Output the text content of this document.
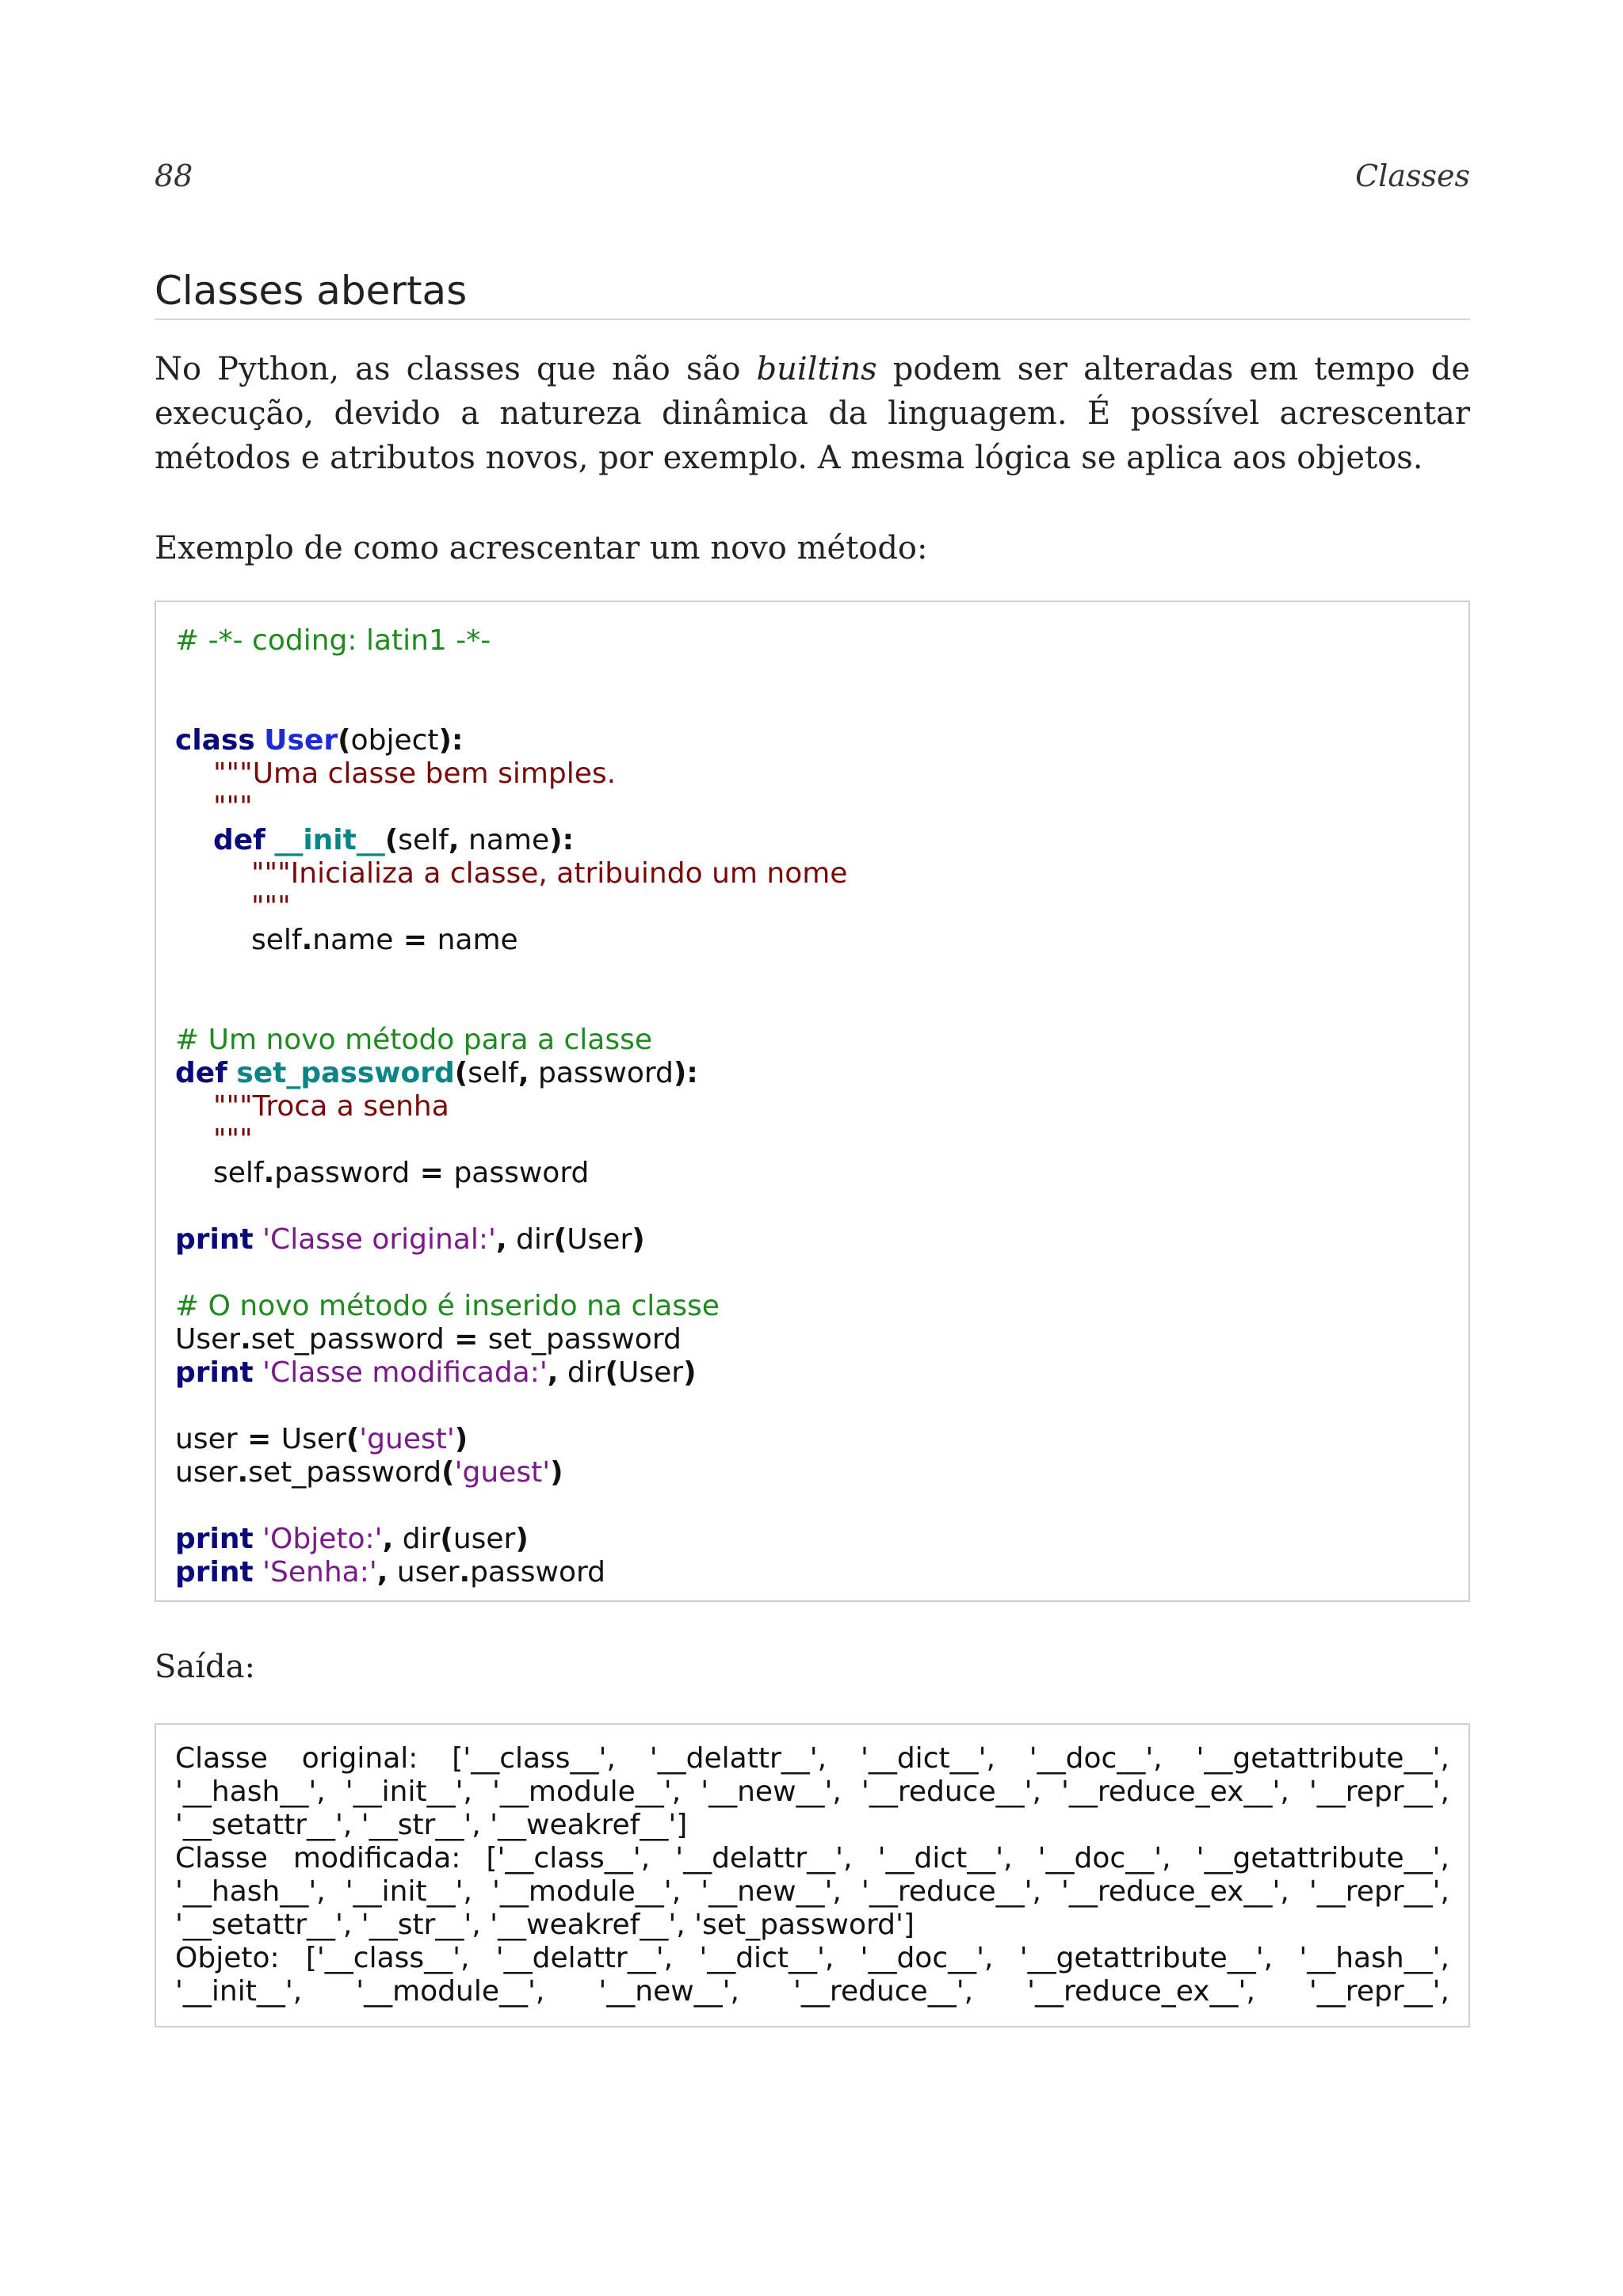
88	Classes
Classes abertas
No Python, as classes que não são builtins podem ser alteradas em tempo de execução, devido a natureza dinâmica da linguagem. É possível acrescentar métodos e atributos novos, por exemplo. A mesma lógica se aplica aos objetos.
Exemplo de como acrescentar um novo método:
# -*- coding: latin1 -*-
class User(object):
"""Uma classe bem simples.
"""
def __init__(self, name):
"""Inicializa a classe, atribuindo um nome
"""
self.name = name
# Um novo método para a classe
def set_password(self, password):
"""Troca a senha
"""
self.password = password
print 'Classe original:', dir(User)
# O novo método é inserido na classe
User.set_password = set_password
print 'Classe modificada:', dir(User)
user = User('guest')
user.set_password('guest')
print 'Objeto:', dir(user)
print 'Senha:', user.password
Saída:
Classe original: ['__class__', '__delattr__', '__dict__', '__doc__', '__getattribute__',
'__hash__', '__init__', '__module__', '__new__', '__reduce__', '__reduce_ex__', '__repr__',
'__setattr__', '__str__', '__weakref__']
Classe modificada: ['__class__', '__delattr__', '__dict__', '__doc__', '__getattribute__',
'__hash__', '__init__', '__module__', '__new__', '__reduce__', '__reduce_ex__', '__repr__',
'__setattr__', '__str__', '__weakref__', 'set_password']
Objeto: ['__class__', '__delattr__', '__dict__', '__doc__', '__getattribute__', '__hash__',
'__init__', '__module__', '__new__', '__reduce__', '__reduce_ex__', '__repr__',
